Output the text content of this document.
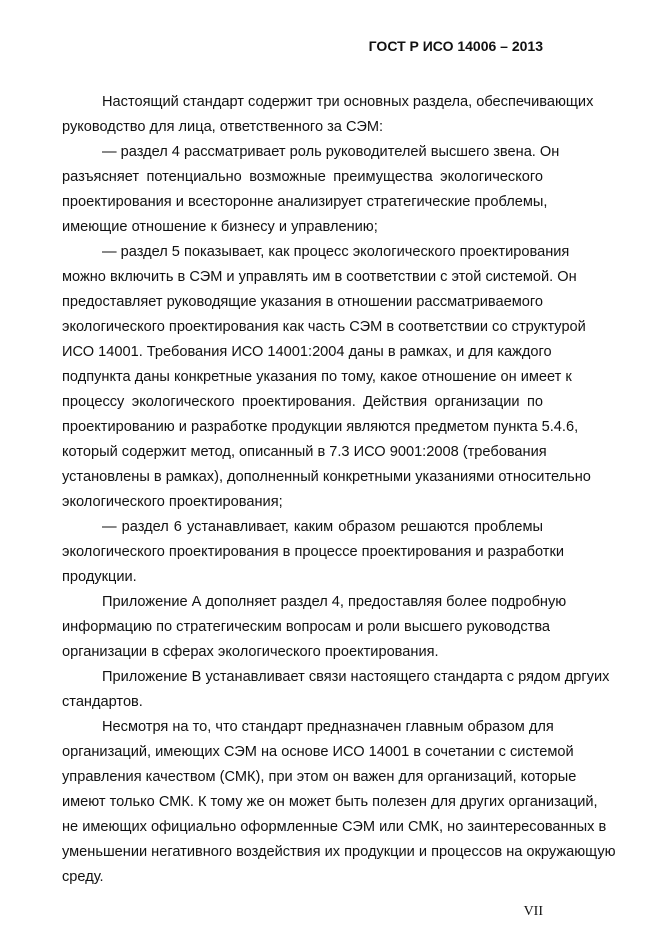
ГОСТ Р ИСО 14006 – 2013
Настоящий стандарт содержит три основных раздела, обеспечивающих
руководство для лица, ответственного за СЭМ:
— раздел 4 рассматривает роль руководителей высшего звена. Он
разъясняет потенциально возможные преимущества экологического
проектирования и всесторонне анализирует стратегические проблемы,
имеющие отношение к бизнесу и управлению;
— раздел 5 показывает, как процесс экологического проектирования
можно включить в СЭМ и управлять им в соответствии с этой системой. Он
предоставляет руководящие указания в отношении рассматриваемого
экологического проектирования как часть СЭМ в соответствии со структурой
ИСО 14001. Требования ИСО 14001:2004 даны в рамках, и для каждого
подпункта даны конкретные указания по тому, какое отношение он имеет к
процессу экологического проектирования. Действия организации по
проектированию и разработке продукции являются предметом пункта 5.4.6,
который содержит метод, описанный в 7.3 ИСО 9001:2008 (требования
установлены в рамках), дополненный конкретными указаниями относительно
экологического проектирования;
— раздел 6 устанавливает, каким образом решаются проблемы
экологического проектирования в процессе проектирования и разработки
продукции.
Приложение А дополняет раздел 4, предоставляя более подробную
информацию по стратегическим вопросам и роли высшего руководства
организации в сферах экологического проектирования.
Приложение В устанавливает связи настоящего стандарта с рядом дргуих
стандартов.
Несмотря на то, что стандарт предназначен главным образом для
организаций, имеющих СЭМ на основе ИСО 14001 в сочетании с системой
управления качеством (СМК), при этом он важен для организаций, которые
имеют только СМК. К тому же он может быть полезен для других организаций,
не имеющих официально оформленные СЭМ или СМК, но заинтересованных в
уменьшении негативного воздействия их продукции и процессов на окружающую
среду.
VII
